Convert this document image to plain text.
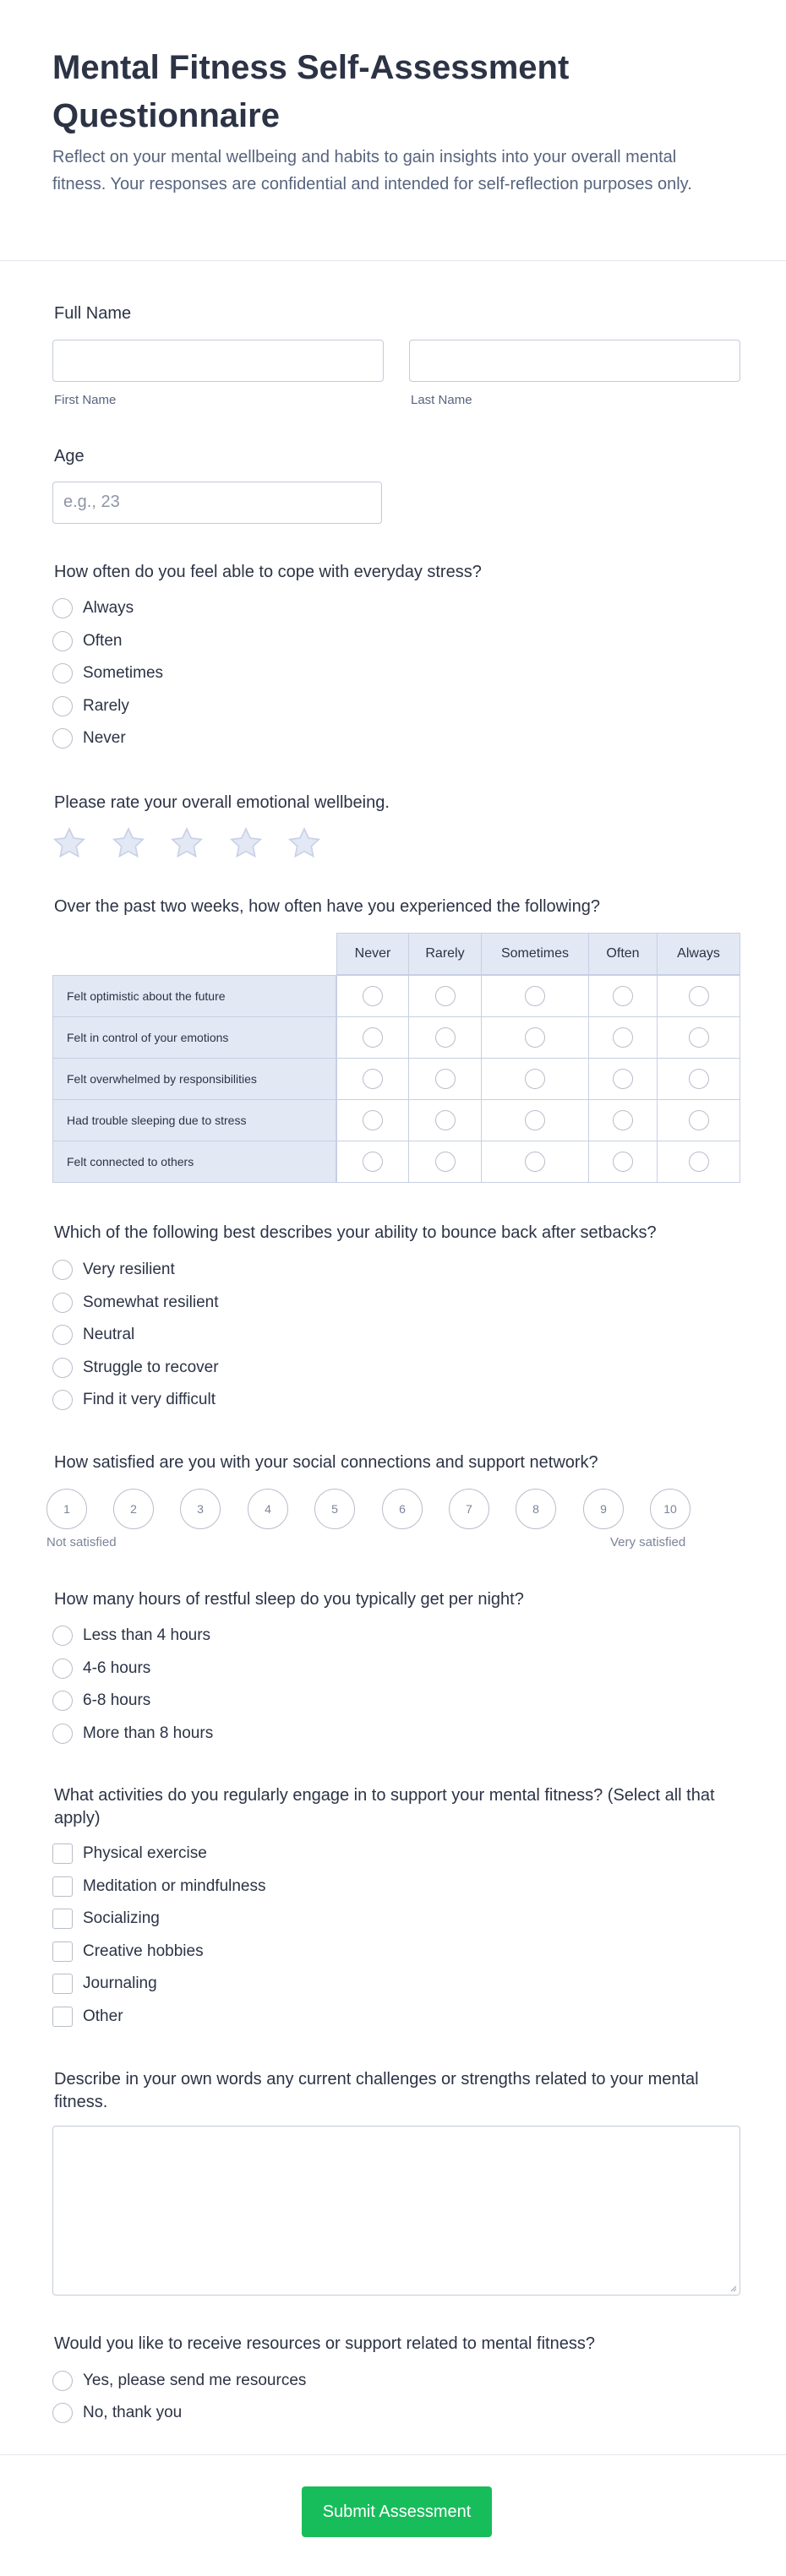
Mental Fitness Self-Assessment Questionnaire

Reflect on your mental wellbeing and habits to gain insights into your overall mental fitness. Your responses are confidential and intended for self-reflection purposes only.

Full Name
First Name	Last Name
Age
e.g., 23
How often do you feel able to cope with everyday stress?
Always
Often
Sometimes
Rarely
Never
Please rate your overall emotional wellbeing.
Over the past two weeks, how often have you experienced the following?
Never	Rarely	Sometimes	Often	Always
Felt optimistic about the future
Felt in control of your emotions
Felt overwhelmed by responsibilities
Had trouble sleeping due to stress
Felt connected to others
Which of the following best describes your ability to bounce back after setbacks?
Very resilient
Somewhat resilient
Neutral
Struggle to recover
Find it very difficult
How satisfied are you with your social connections and support network?
1	2	3	4	5	6	7	8	9	10
Not satisfied	Very satisfied
How many hours of restful sleep do you typically get per night?
Less than 4 hours
4-6 hours
6-8 hours
More than 8 hours
What activities do you regularly engage in to support your mental fitness? (Select all that apply)
Physical exercise
Meditation or mindfulness
Socializing
Creative hobbies
Journaling
Other
Describe in your own words any current challenges or strengths related to your mental fitness.
Would you like to receive resources or support related to mental fitness?
Yes, please send me resources
No, thank you
Submit Assessment
